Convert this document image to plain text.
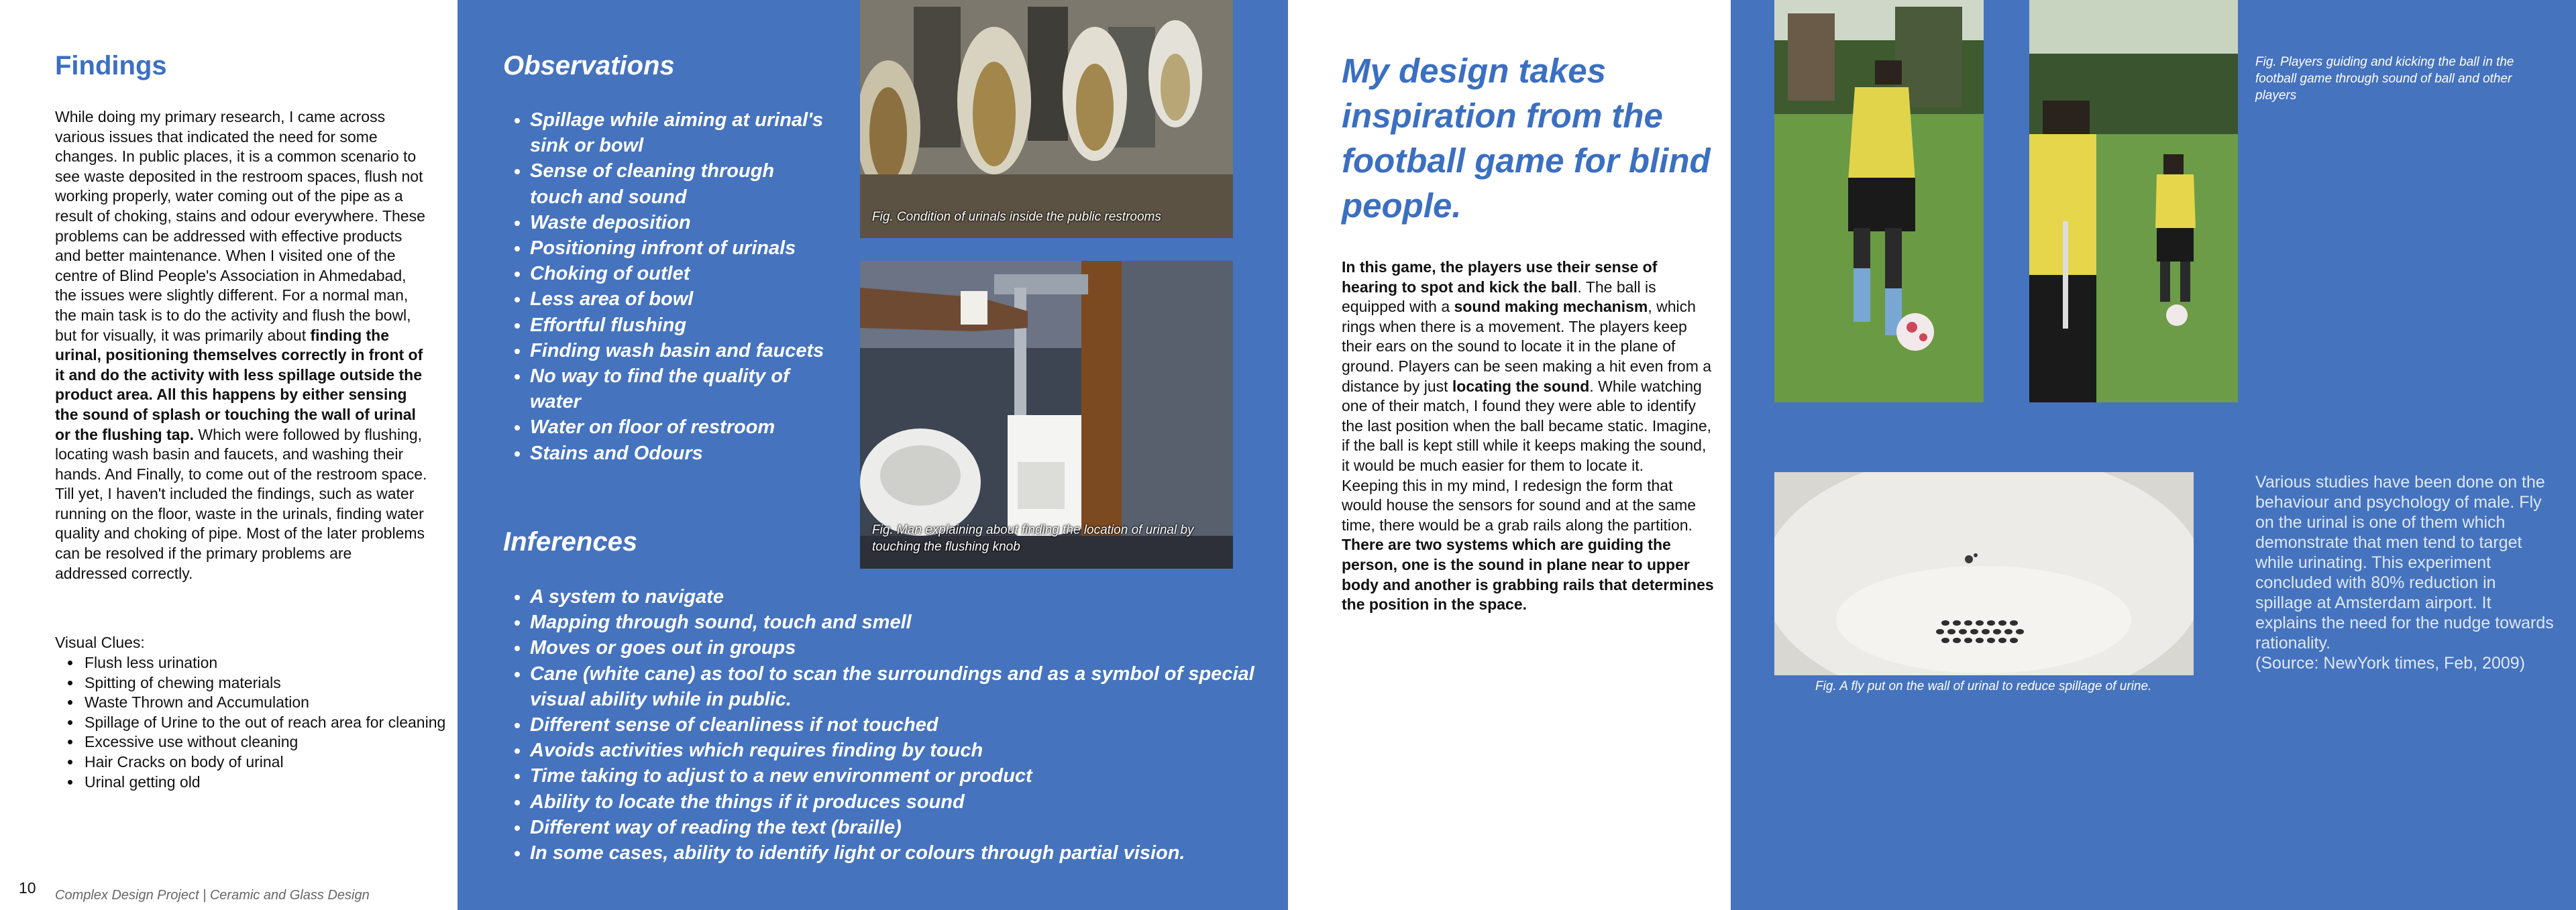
Findings

While doing my primary research, I came across various issues that indicated the need for some changes. In public places, it is a common scenario to see waste deposited in the restroom spaces, flush not working properly, water coming out of the pipe as a result of choking, stains and odour everywhere. These problems can be addressed with effective products and better maintenance. When I visited one of the centre of Blind People's Association in Ahmedabad, the issues were slightly different. For a normal man, the main task is to do the activity and flush the bowl, but for visually, it was primarily about finding the urinal, positioning themselves correctly in front of it and do the activity with less spillage outside the product area. All this happens by either sensing the sound of splash or touching the wall of urinal or the flushing tap. Which were followed by flushing, locating wash basin and faucets, and washing their hands. And Finally, to come out of the restroom space. Till yet, I haven't included the findings, such as water running on the floor, waste in the urinals, finding water quality and choking of pipe. Most of the later problems can be resolved if the primary problems are addressed correctly.

Visual Clues:

• Flush less urination
• Spitting of chewing materials
• Waste Thrown and Accumulation
• Spillage of Urine to the out of reach area for cleaning
• Excessive use without cleaning
• Hair Cracks on body of urinal
• Urinal getting old
10 Complex Design Project | Ceramic and Glass Design
Observations
• Spillage while aiming at urinal's sink or bowl
• Sense of cleaning through touch and sound
• Waste deposition
• Positioning infront of urinals
• Choking of outlet
• Less area of bowl
• Effortful flushing
• Finding wash basin and faucets
• No way to find the quality of water
• Water on floor of restroom
• Stains and Odours
Inferences
• A system to navigate
• Mapping through sound, touch and smell
• Moves or goes out in groups
• Cane (white cane) as tool to scan the surroundings and as a symbol of special visual ability while in public.
• Different sense of cleanliness if not touched
• Avoids activities which requires finding by touch
• Time taking to adjust to a new environment or product
• Ability to locate the things if it produces sound
• Different way of reading the text (braille)
• In some cases, ability to identify light or colours through partial vision.
Fig. Condition of urinals inside the public restrooms
Fig. Man explaining about finding the location of urinal by touching the flushing knob
My design takes inspiration from the football game for blind people.

In this game, the players use their sense of hearing to spot and kick the ball. The ball is equipped with a sound making mechanism, which rings when there is a movement. The players keep their ears on the sound to locate it in the plane of ground. Players can be seen making a hit even from a distance by just locating the sound. While watching one of their match, I found they were able to identify the last position when the ball became static. Imagine, if the ball is kept still while it keeps making the sound, it would be much easier for them to locate it.
Keeping this in my mind, I redesign the form that would house the sensors for sound and at the same time, there would be a grab rails along the partition. There are two systems which are guiding the person, one is the sound in plane near to upper body and another is grabbing rails that determines the position in the space.

Fig. Players guiding and kicking the ball in the football game through sound of ball and other players
Fig. A fly put on the wall of urinal to reduce spillage of urine.

Various studies have been done on the behaviour and psychology of male. Fly on the urinal is one of them which demonstrate that men tend to target while urinating. This experiment concluded with 80% reduction in spillage at Amsterdam airport. It explains the need for the nudge towards rationality.
(Source: NewYork times, Feb, 2009)
